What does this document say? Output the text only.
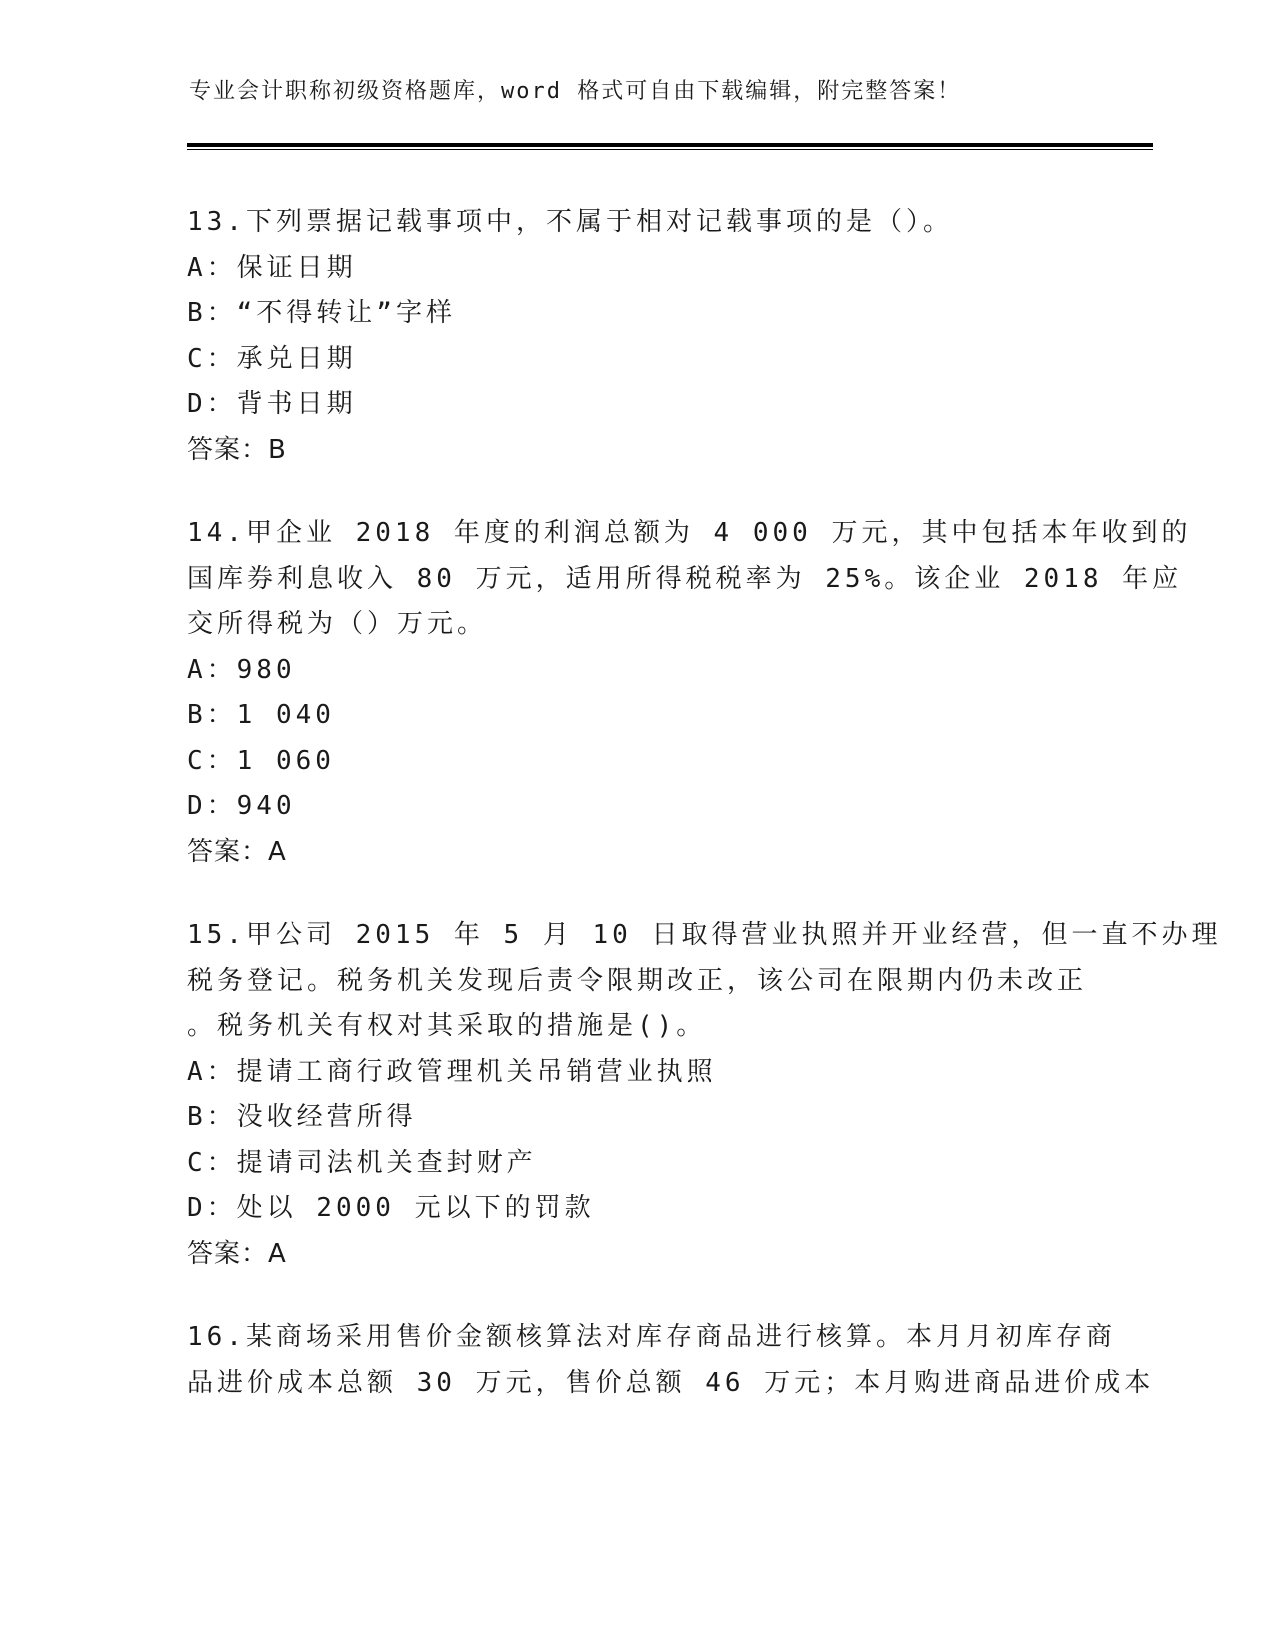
专业会计职称初级资格题库，word 格式可自由下载编辑，附完整答案！
13.下列票据记载事项中，不属于相对记载事项的是（）。
A：保证日期
B：“不得转让”字样
C：承兑日期
D：背书日期
答案：B
14.甲企业 2018 年度的利润总额为 4 000 万元，其中包括本年收到的
国库券利息收入 80 万元，适用所得税税率为 25%。该企业 2018 年应
交所得税为（）万元。
A：980
B：1 040
C：1 060
D：940
答案：A
15.甲公司 2015 年 5 月 10 日取得营业执照并开业经营，但一直不办理
税务登记。税务机关发现后责令限期改正，该公司在限期内仍未改正
。税务机关有权对其采取的措施是()。
A：提请工商行政管理机关吊销营业执照
B：没收经营所得
C：提请司法机关查封财产
D：处以 2000 元以下的罚款
答案：A
16.某商场采用售价金额核算法对库存商品进行核算。本月月初库存商
品进价成本总额 30 万元，售价总额 46 万元；本月购进商品进价成本
